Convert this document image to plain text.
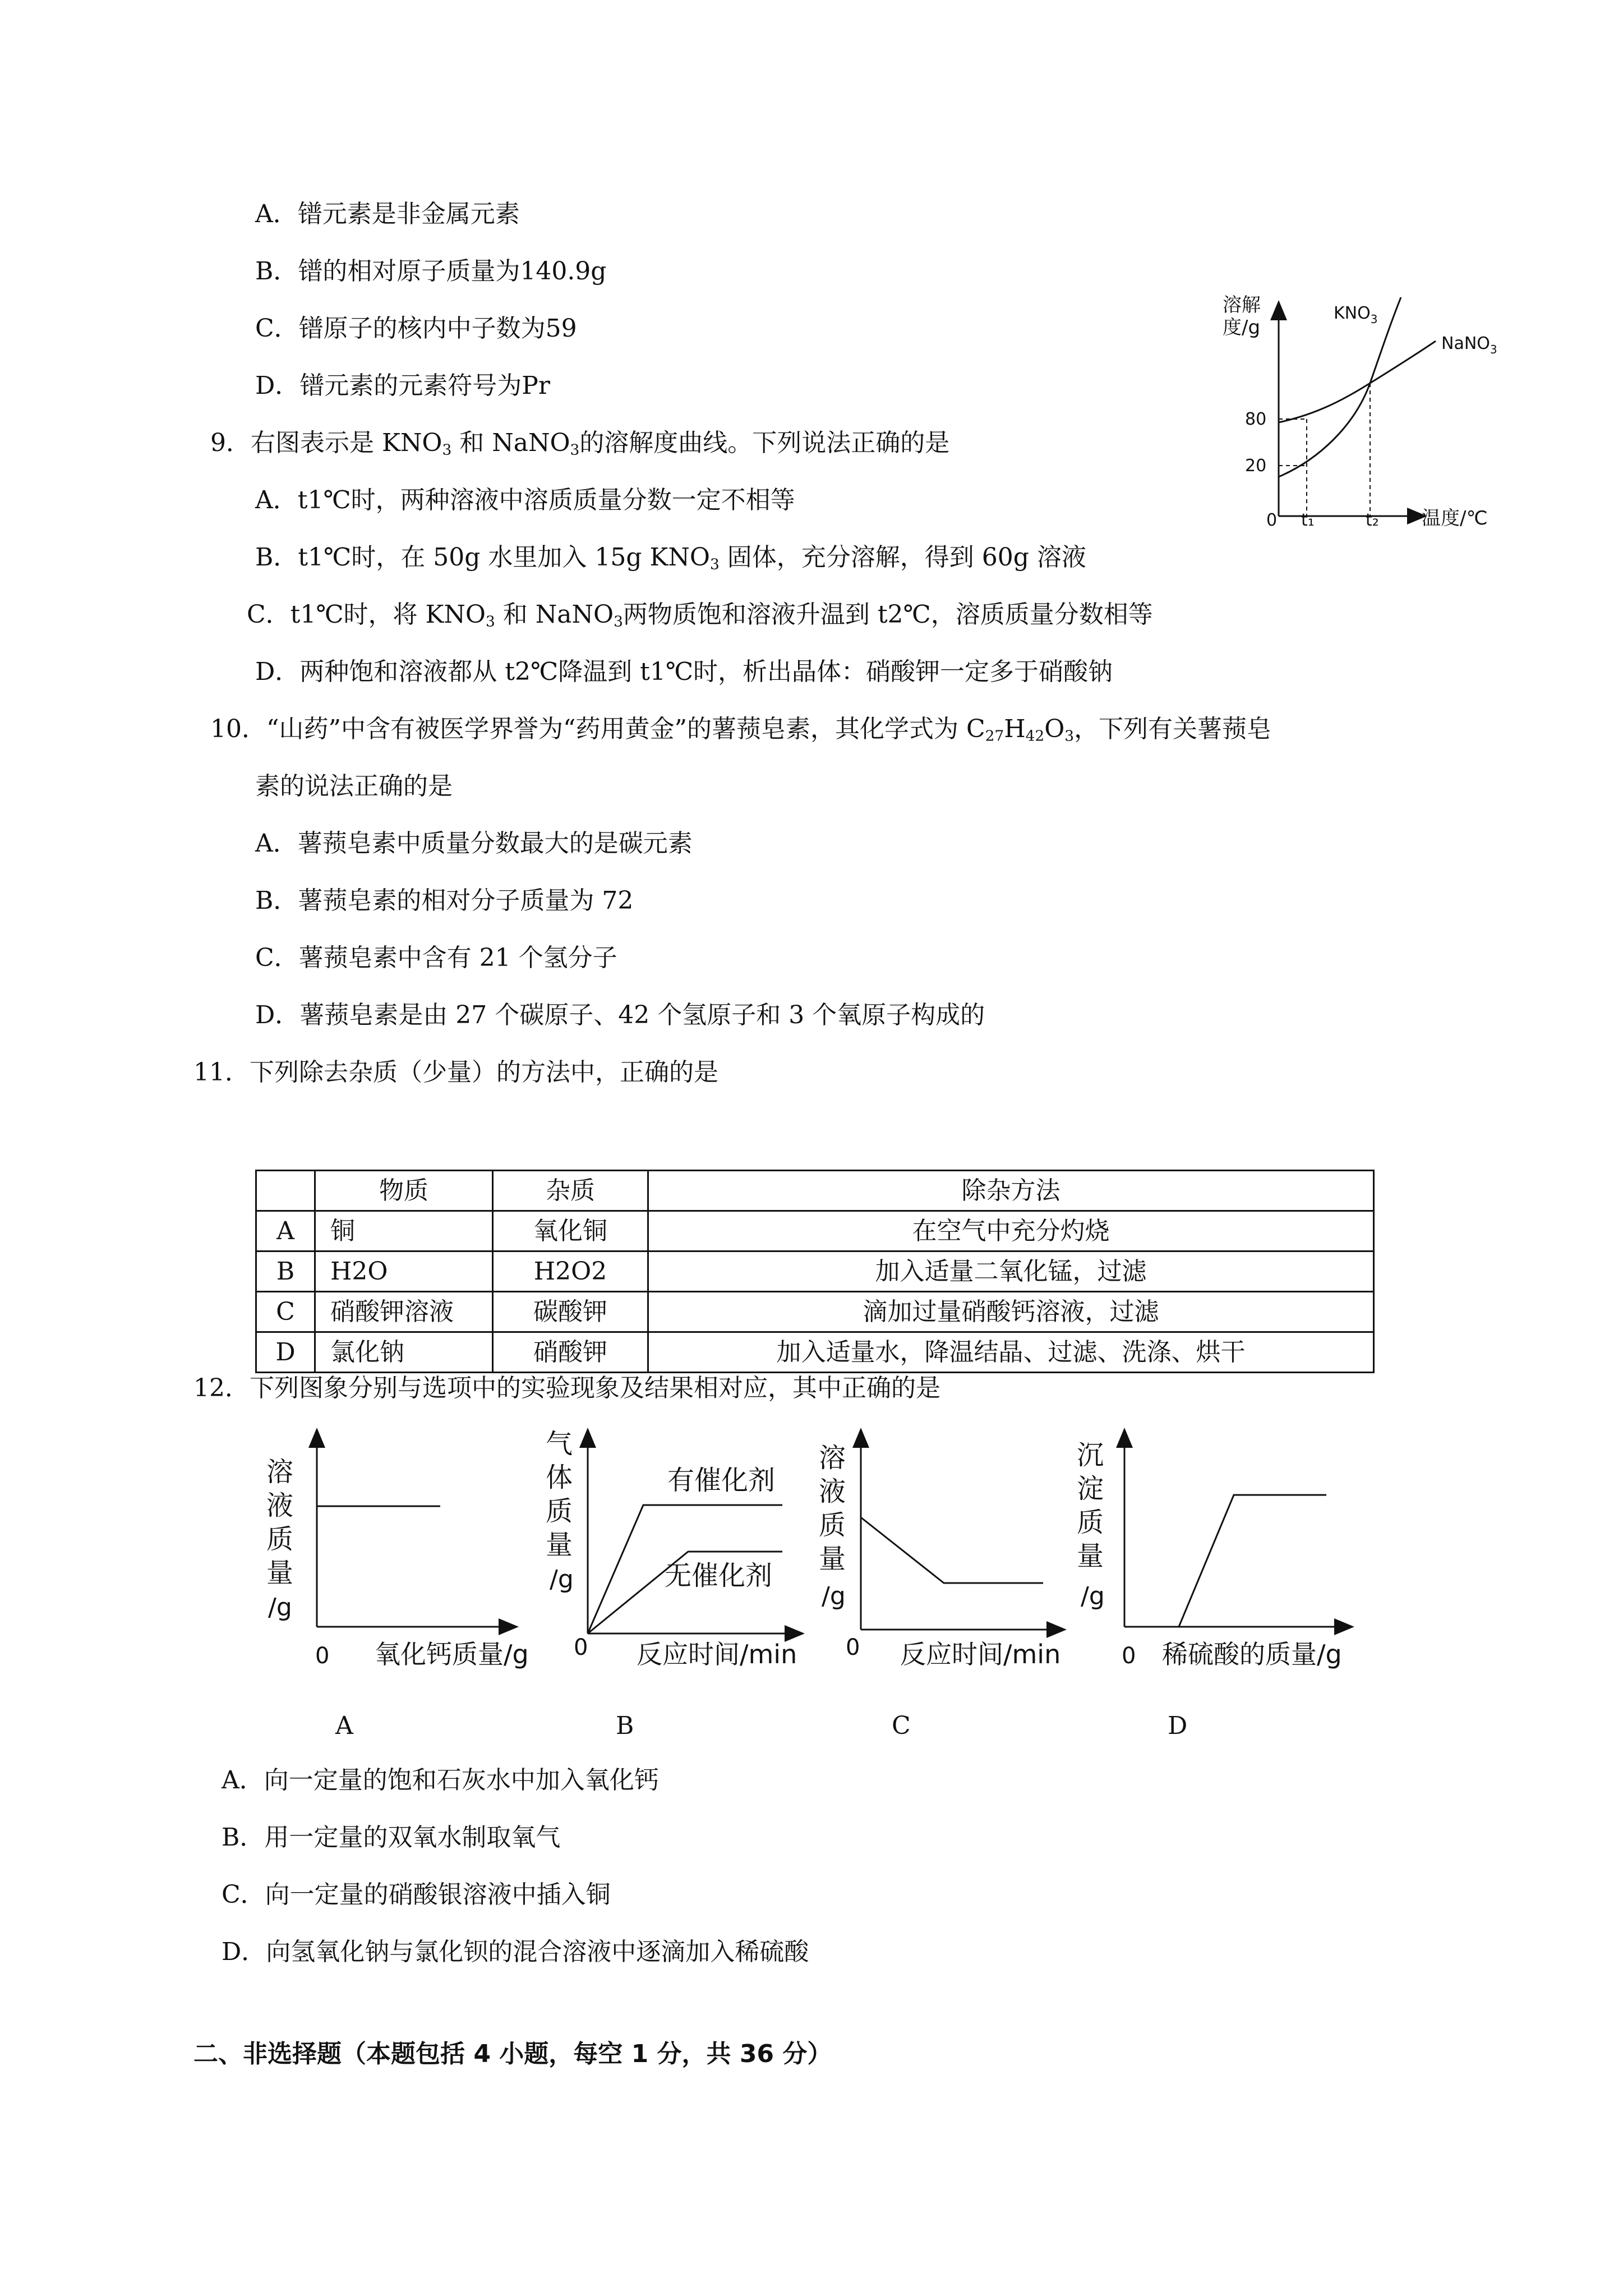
A．镨元素是非金属元素
B．镨的相对原子质量为140.9g
C．镨原子的核内中子数为59
D．镨元素的元素符号为Pr
9．右图表示是 $KNO_3$ 和 NaNO$_3$的溶解度曲线。下列说法正确的是
A．t1℃时，两种溶液中溶质质量分数一定不相等
B．t1℃时，在 50g 水里加入 15g $KNO_3$ 固体，充分溶解，得到 60g 溶液
C．t1℃时，将 $KNO_3$ 和 NaNO$_3$两物质饱和溶液升温到 t2℃，溶质质量分数相等
D．两种饱和溶液都从 t2℃降温到 t1℃时，析出晶体：硝酸钾一定多于硝酸钠
溶解
度/g
温度/℃
0 t₁	t₂
80
20
$KNO_3$
NaNO$_3$
10．“山药”中含有被医学界誉为“药用黄金”的薯蓣皂素，其化学式为 $C_{27}H_{42}O_3$，下列有关薯蓣皂
素的说法正确的是
A．薯蓣皂素中质量分数最大的是碳元素
B．薯蓣皂素的相对分子质量为 72
C．薯蓣皂素中含有 21 个氢分子
D．薯蓣皂素是由 27 个碳原子、42 个氢原子和 3 个氧原子构成的
11．下列除去杂质（少量）的方法中，正确的是
	物质	杂质	除杂方法
A	铜	氧化铜	在空气中充分灼烧
B	H2O	H2O2	加入适量二氧化锰，过滤
C	硝酸钾溶液	碳酸钾	滴加过量硝酸钙溶液，过滤
D	氯化钠	硝酸钾	加入适量水，降温结晶、过滤、洗涤、烘干
12．下列图象分别与选项中的实验现象及结果相对应，其中正确的是
溶
液
质
量
/g
0 氧化钙质量/g
气
体
质
量
/g
0 反应时间/min
有催化剂
无催化剂
溶
液
质
量
/g
0 反应时间/min
沉
淀
质
量
/g
0 稀硫酸的质量/g
A	B	C	D
A．向一定量的饱和石灰水中加入氧化钙
B．用一定量的双氧水制取氧气
C．向一定量的硝酸银溶液中插入铜
D．向氢氧化钠与氯化钡的混合溶液中逐滴加入稀硫酸
二、非选择题（本题包括 4 小题，每空 1 分，共 36 分）
